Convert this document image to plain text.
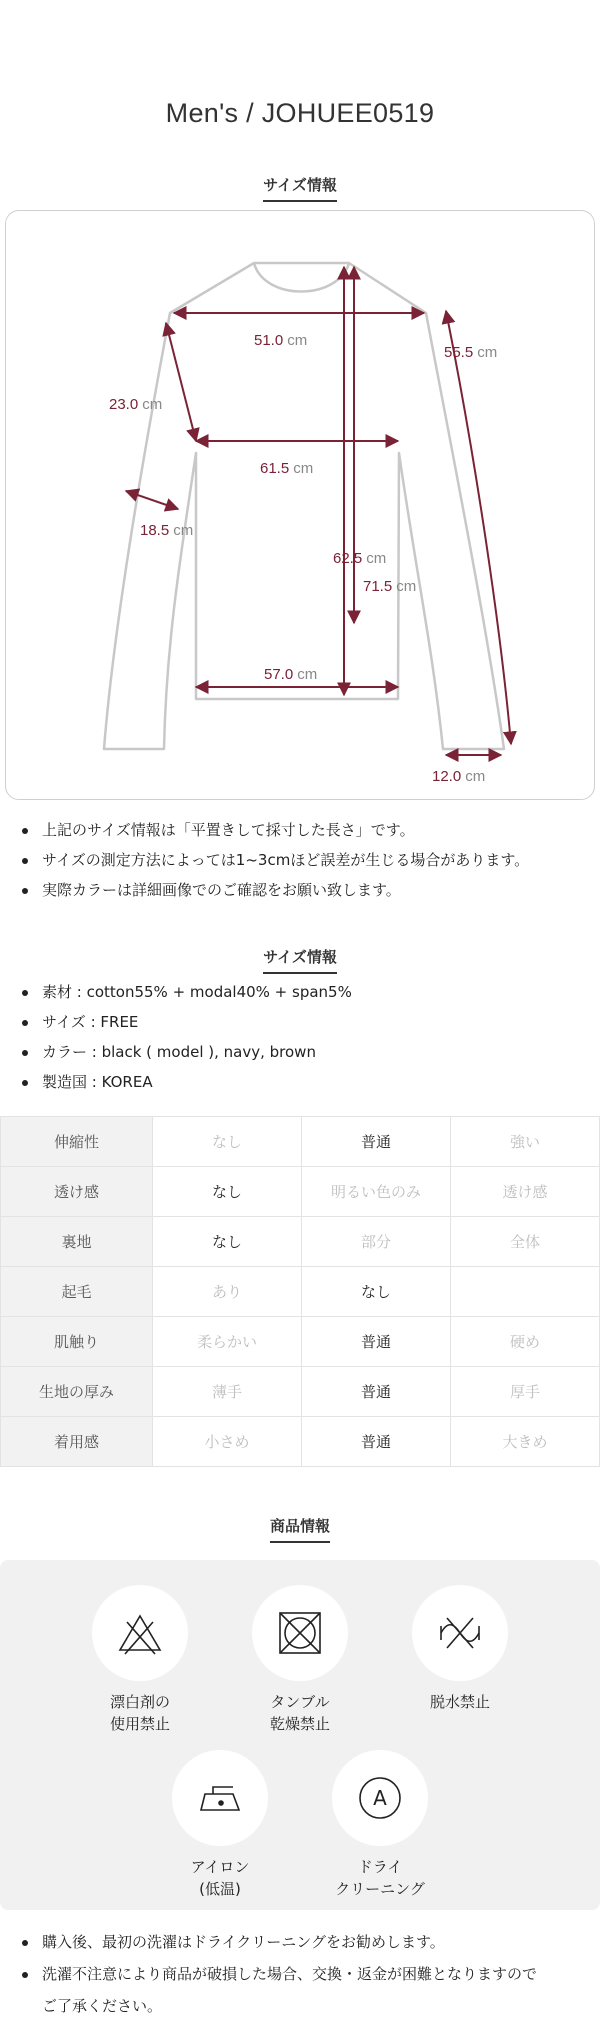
Men's / JOHUEE0519
サイズ情報
51.0 cm
55.5 cm
23.0 cm
61.5 cm
18.5 cm
62.5 cm
71.5 cm
57.0 cm
12.0 cm
上記のサイズ情報は「平置きして採寸した長さ」です。
サイズの測定方法によっては1~3cmほど誤差が生じる場合があります。
実際カラーは詳細画像でのご確認をお願い致します。
サイズ情報
素材 : cotton55% + modal40% + span5%
サイズ : FREE
カラー : black ( model ), navy, brown
製造国 : KOREA
伸縮性	なし	普通	強い
透け感	なし	明るい色のみ	透け感
裏地	なし	部分	全体
起毛	あり	なし	
肌触り	柔らかい	普通	硬め
生地の厚み	薄手	普通	厚手
着用感	小さめ	普通	大きめ
商品情報
漂白剤の
使用禁止
タンブル
乾燥禁止
脱水禁止
アイロン
(低温)
A
ドライ
クリーニング
購入後、最初の洗濯はドライクリーニングをお勧めします。
洗濯不注意により商品が破損した場合、交換・返金が困難となりますので
ご了承ください。
